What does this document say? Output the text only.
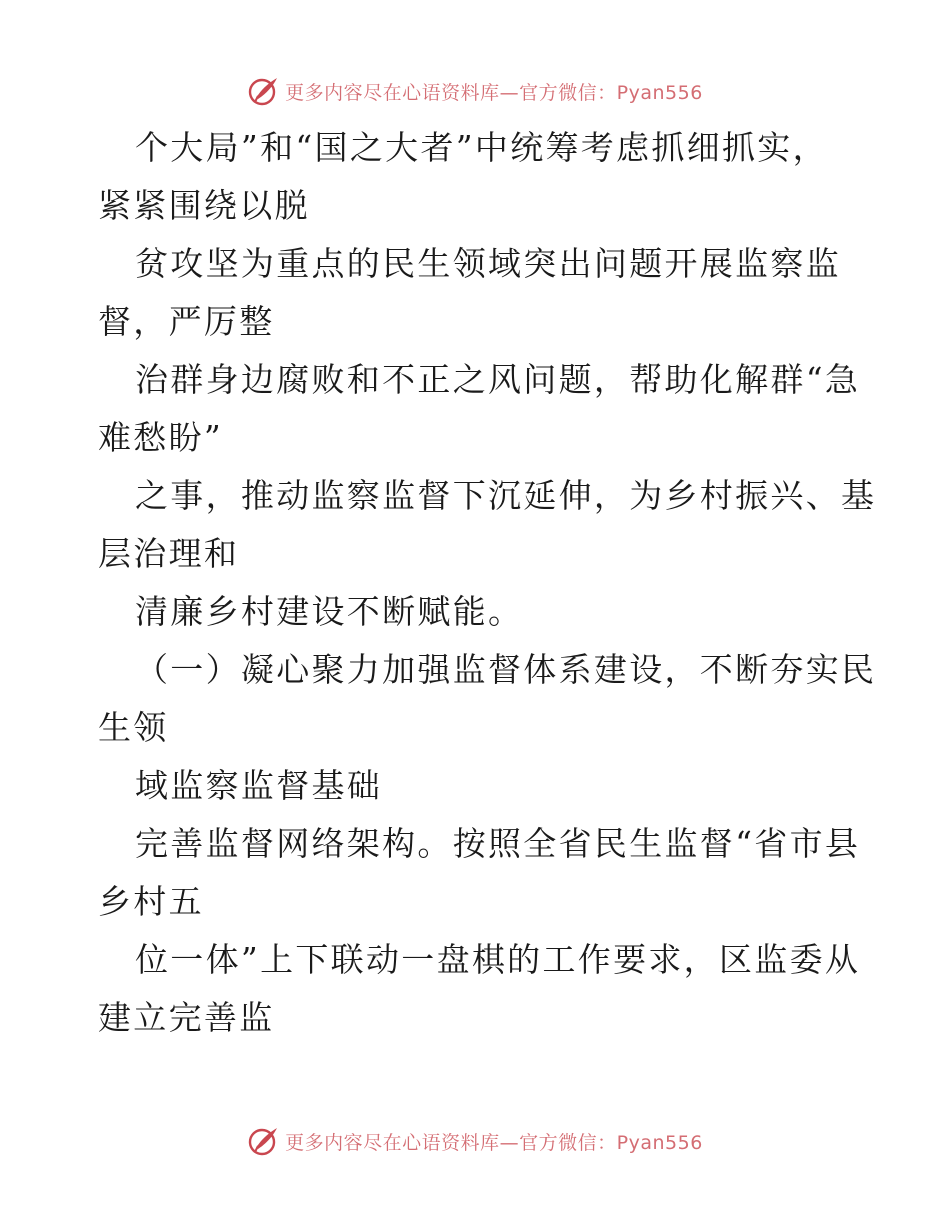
更多内容尽在心语资料库—官方微信：Pyan556
个大局”和“国之大者”中统筹考虑抓细抓实，
紧紧围绕以脱
贫攻坚为重点的民生领域突出问题开展监察监
督，严厉整
治群身边腐败和不正之风问题，帮助化解群“急
难愁盼”
之事，推动监察监督下沉延伸，为乡村振兴、基
层治理和
清廉乡村建设不断赋能。
（一）凝心聚力加强监督体系建设，不断夯实民
生领
域监察监督基础
完善监督网络架构。按照全省民生监督“省市县
乡村五
位一体”上下联动一盘棋的工作要求，区监委从
建立完善监
更多内容尽在心语资料库—官方微信：Pyan556
